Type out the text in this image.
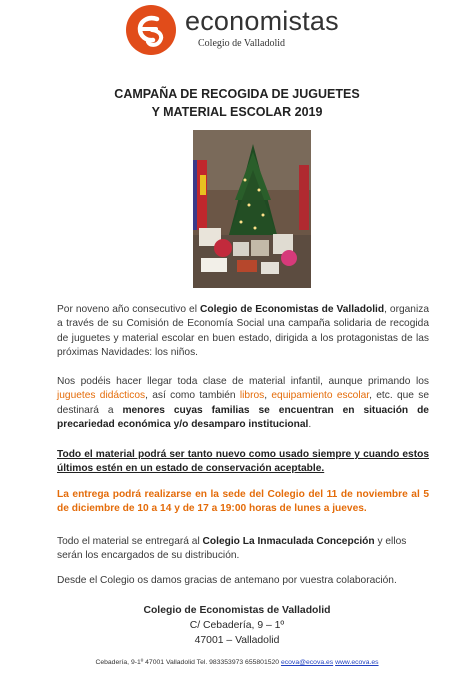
economistas
Colegio de Valladolid
CAMPAÑA DE RECOGIDA DE JUGUETES
Y MATERIAL ESCOLAR 2019
Por noveno año consecutivo el Colegio de Economistas de Valladolid, organiza a través de su Comisión de Economía Social una campaña solidaria de recogida de juguetes y material escolar en buen estado, dirigida a los protagonistas de las próximas Navidades: los niños.
Nos podéis hacer llegar toda clase de material infantil, aunque primando los juguetes didácticos, así como también libros, equipamiento escolar, etc. que se destinará a menores cuyas familias se encuentran en situación de precariedad económica y/o desamparo institucional.
Todo el material podrá ser tanto nuevo como usado siempre y cuando estos últimos estén en un estado de conservación aceptable.
La entrega podrá realizarse en la sede del Colegio del 11 de noviembre al 5 de diciembre de 10 a 14 y de 17 a 19:00 horas de lunes a jueves.
Todo el material se entregará al Colegio La Inmaculada Concepción y ellos serán los encargados de su distribución.
Desde el Colegio os damos gracias de antemano por vuestra colaboración.
Colegio de Economistas de Valladolid
C/ Cebadería, 9 – 1º
47001 – Valladolid
Cebadería, 9-1º 47001 Valladolid Tel. 983353973 655801520 ecova@ecova.es www.ecova.es
